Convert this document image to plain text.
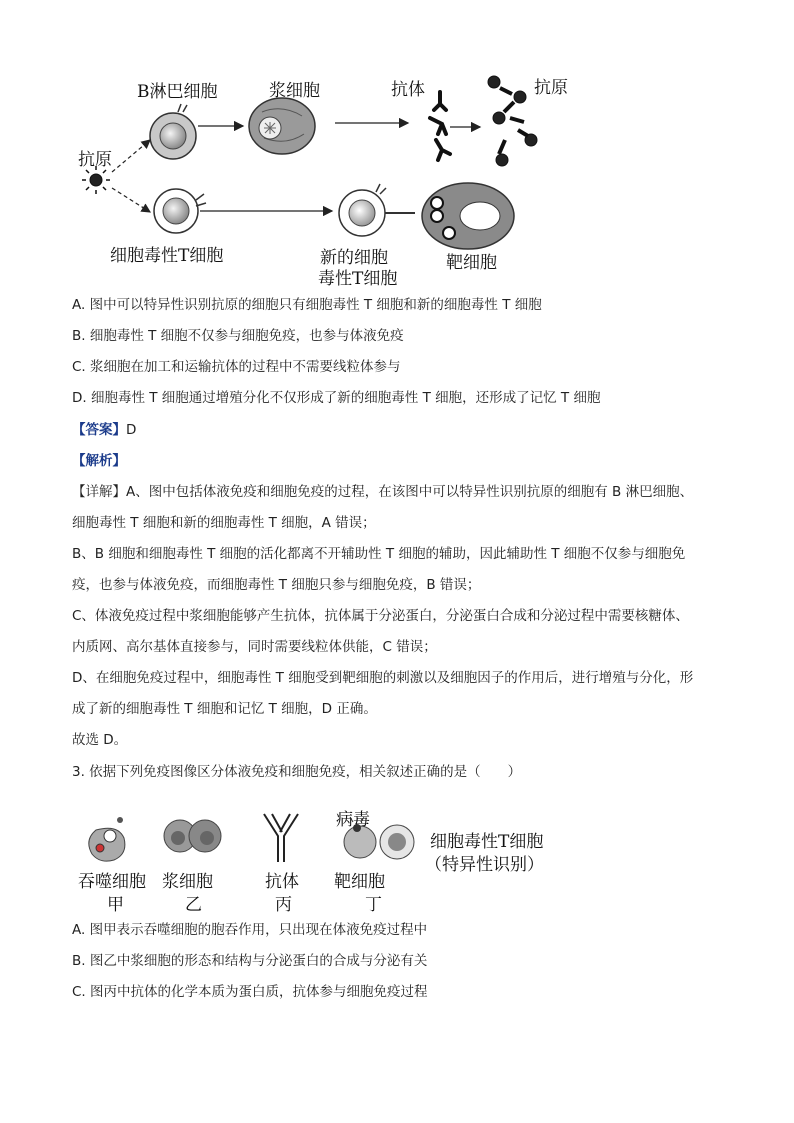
B淋巴细胞	浆细胞	抗体	抗原
抗原
细胞毒性T细胞	新的细胞
毒性T细胞
靶细胞
A. 图中可以特异性识别抗原的细胞只有细胞毒性 T 细胞和新的细胞毒性 T 细胞
B. 细胞毒性 T 细胞不仅参与细胞免疫，也参与体液免疫
C. 浆细胞在加工和运输抗体的过程中不需要线粒体参与
D. 细胞毒性 T 细胞通过增殖分化不仅形成了新的细胞毒性 T 细胞，还形成了记忆 T 细胞
【答案】D
【解析】
【详解】A、图中包括体液免疫和细胞免疫的过程，在该图中可以特异性识别抗原的细胞有 B 淋巴细胞、
细胞毒性 T 细胞和新的细胞毒性 T 细胞，A 错误；
B、B 细胞和细胞毒性 T 细胞的活化都离不开辅助性 T 细胞的辅助，因此辅助性 T 细胞不仅参与细胞免
疫，也参与体液免疫，而细胞毒性 T 细胞只参与细胞免疫，B 错误；
C、体液免疫过程中浆细胞能够产生抗体，抗体属于分泌蛋白，分泌蛋白合成和分泌过程中需要核糖体、
内质网、高尔基体直接参与，同时需要线粒体供能，C 错误；
D、在细胞免疫过程中，细胞毒性 T 细胞受到靶细胞的刺激以及细胞因子的作用后，进行增殖与分化，形
成了新的细胞毒性 T 细胞和记忆 T 细胞，D 正确。
故选 D。
3. 依据下列免疫图像区分体液免疫和细胞免疫，相关叙述正确的是（　　）
吞噬细胞 浆细胞	抗体 靶细胞
病毒
细胞毒性T细胞
（特异性识别）
甲	乙	丙	丁
A. 图甲表示吞噬细胞的胞吞作用，只出现在体液免疫过程中
B. 图乙中浆细胞的形态和结构与分泌蛋白的合成与分泌有关
C. 图丙中抗体的化学本质为蛋白质，抗体参与细胞免疫过程
